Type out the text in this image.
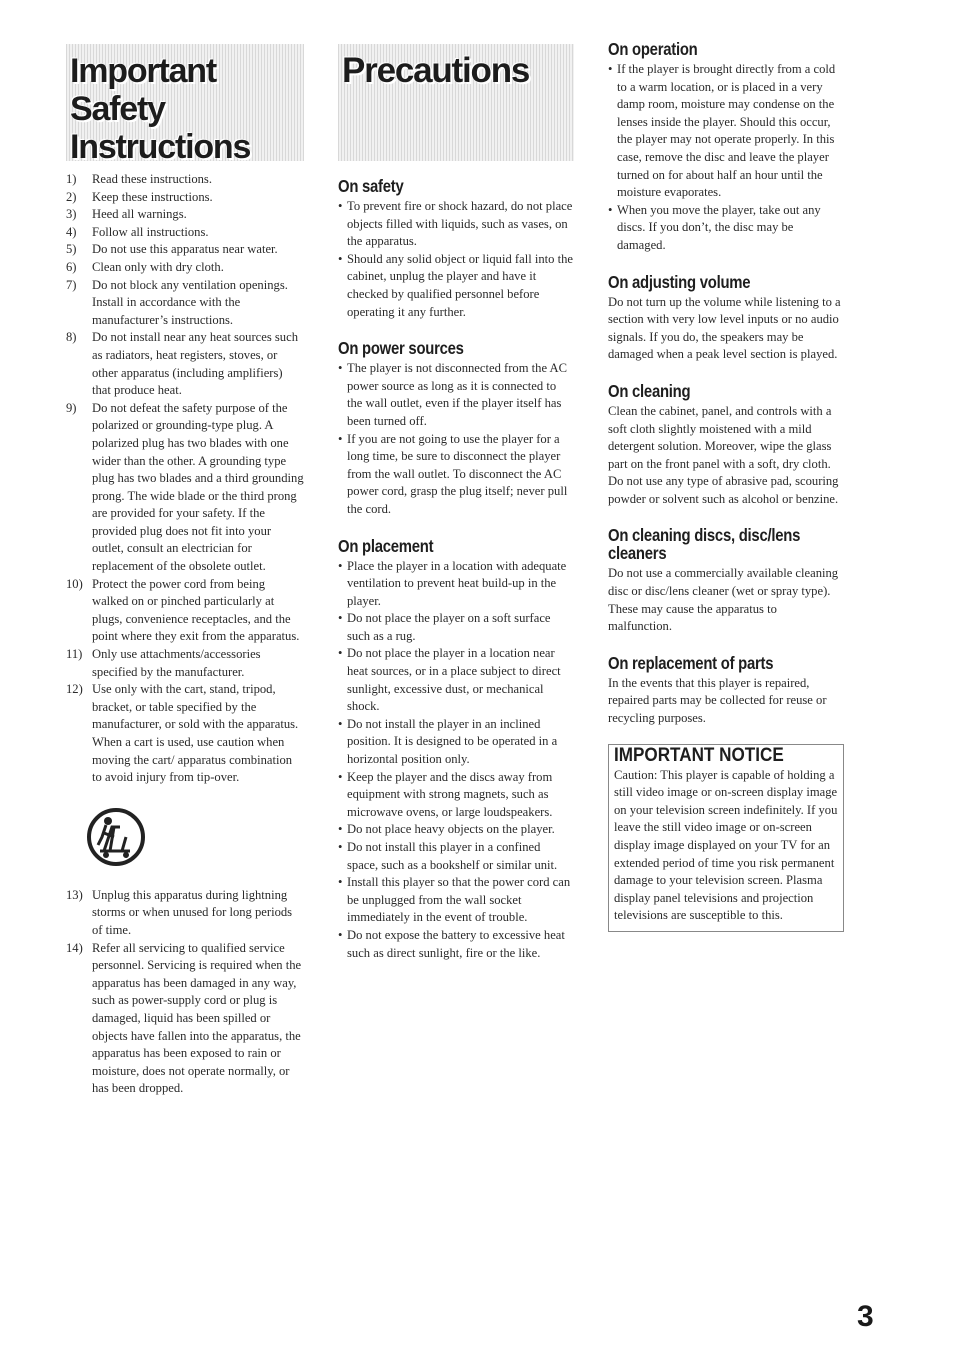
Important Safety
Instructions
1)	Read these instructions.
2)	Keep these instructions.
3)	Heed all warnings.
4)	Follow all instructions.
5)	Do not use this apparatus near water.
6)	Clean only with dry cloth.
7)	Do not block any ventilation openings. Install in accordance with the manufacturer’s instructions.
8)	Do not install near any heat sources such as radiators, heat registers, stoves, or other apparatus (including amplifiers) that produce heat.
9)	Do not defeat the safety purpose of the polarized or grounding-type plug. A polarized plug has two blades with one wider than the other. A grounding type plug has two blades and a third grounding prong. The wide blade or the third prong are provided for your safety. If the provided plug does not fit into your outlet, consult an electrician for replacement of the obsolete outlet.
10) Protect the power cord from being walked on or pinched particularly at plugs, convenience receptacles, and the point where they exit from the apparatus.
11) Only use attachments/accessories specified by the manufacturer.
12) Use only with the cart, stand, tripod, bracket, or table specified by the manufacturer, or sold with the apparatus. When a cart is used, use caution when moving the cart/ apparatus combination to avoid injury from tip-over.
13) Unplug this apparatus during lightning storms or when unused for long periods of time.
14) Refer all servicing to qualified service personnel. Servicing is required when the apparatus has been damaged in any way, such as power-supply cord or plug is damaged, liquid has been spilled or objects have fallen into the apparatus, the apparatus has been exposed to rain or moisture, does not operate normally, or has been dropped.
Precautions
On safety
• To prevent fire or shock hazard, do not place objects filled with liquids, such as vases, on the apparatus.
• Should any solid object or liquid fall into the cabinet, unplug the player and have it checked by qualified personnel before operating it any further.
On power sources
• The player is not disconnected from the AC power source as long as it is connected to the wall outlet, even if the player itself has been turned off.
• If you are not going to use the player for a long time, be sure to disconnect the player from the wall outlet. To disconnect the AC power cord, grasp the plug itself; never pull the cord.
On placement
• Place the player in a location with adequate ventilation to prevent heat build-up in the player.
• Do not place the player on a soft surface such as a rug.
• Do not place the player in a location near heat sources, or in a place subject to direct sunlight, excessive dust, or mechanical shock.
• Do not install the player in an inclined position. It is designed to be operated in a horizontal position only.
• Keep the player and the discs away from equipment with strong magnets, such as microwave ovens, or large loudspeakers.
• Do not place heavy objects on the player.
• Do not install this player in a confined space, such as a bookshelf or similar unit.
• Install this player so that the power cord can be unplugged from the wall socket immediately in the event of trouble.
• Do not expose the battery to excessive heat such as direct sunlight, fire or the like.
On operation
• If the player is brought directly from a cold to a warm location, or is placed in a very damp room, moisture may condense on the lenses inside the player. Should this occur, the player may not operate properly. In this case, remove the disc and leave the player turned on for about half an hour until the moisture evaporates.
• When you move the player, take out any discs. If you don’t, the disc may be damaged.
On adjusting volume

Do not turn up the volume while listening to a section with very low level inputs or no audio signals. If you do, the speakers may be damaged when a peak level section is played.

On cleaning

Clean the cabinet, panel, and controls with a soft cloth slightly moistened with a mild detergent solution. Moreover, wipe the glass part on the front panel with a soft, dry cloth. Do not use any type of abrasive pad, scouring powder or solvent such as alcohol or benzine.

On cleaning discs, disc/lens cleaners

Do not use a commercially available cleaning disc or disc/lens cleaner (wet or spray type). These may cause the apparatus to malfunction.

On replacement of parts

In the events that this player is repaired, repaired parts may be collected for reuse or recycling purposes.

IMPORTANT NOTICE

Caution: This player is capable of holding a still video image or on-screen display image on your television screen indefinitely. If you leave the still video image or on-screen display image displayed on your TV for an extended period of time you risk permanent damage to your television screen. Plasma display panel televisions and projection televisions are susceptible to this.

3
